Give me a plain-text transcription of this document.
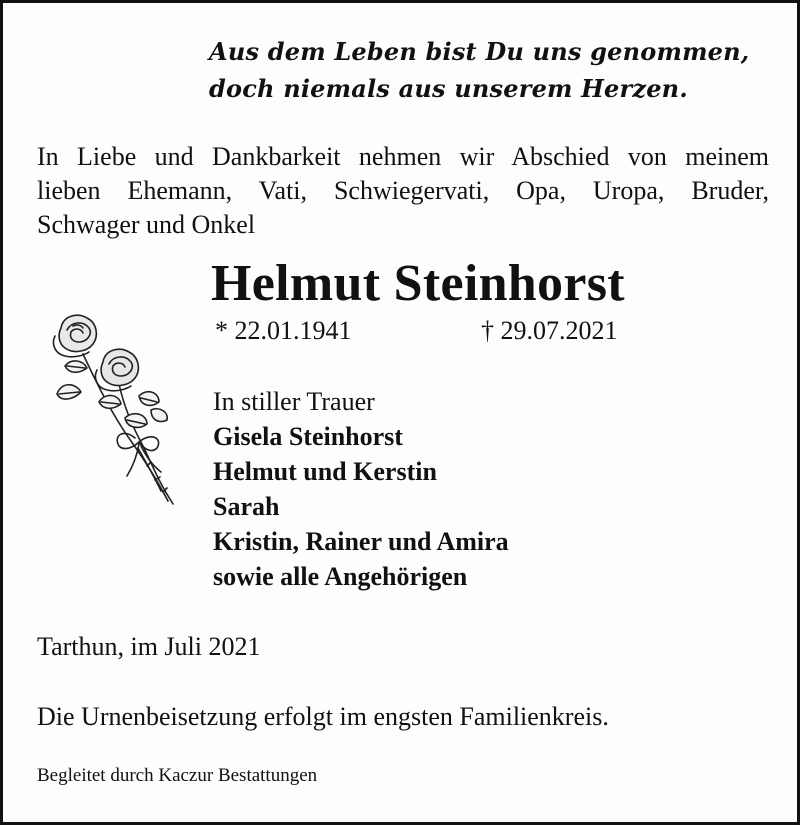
Aus dem Leben bist Du uns genommen,
doch niemals aus unserem Herzen.
In Liebe und Dankbarkeit nehmen wir Abschied von meinem
lieben Ehemann, Vati, Schwiegervati, Opa, Uropa, Bruder,
Schwager und Onkel
Helmut Steinhorst
* 22.01.1941	† 29.07.2021
In stiller Trauer
Gisela Steinhorst
Helmut und Kerstin
Sarah
Kristin, Rainer und Amira
sowie alle Angehörigen
Tarthun, im Juli 2021
Die Urnenbeisetzung erfolgt im engsten Familienkreis.
Begleitet durch Kaczur Bestattungen
